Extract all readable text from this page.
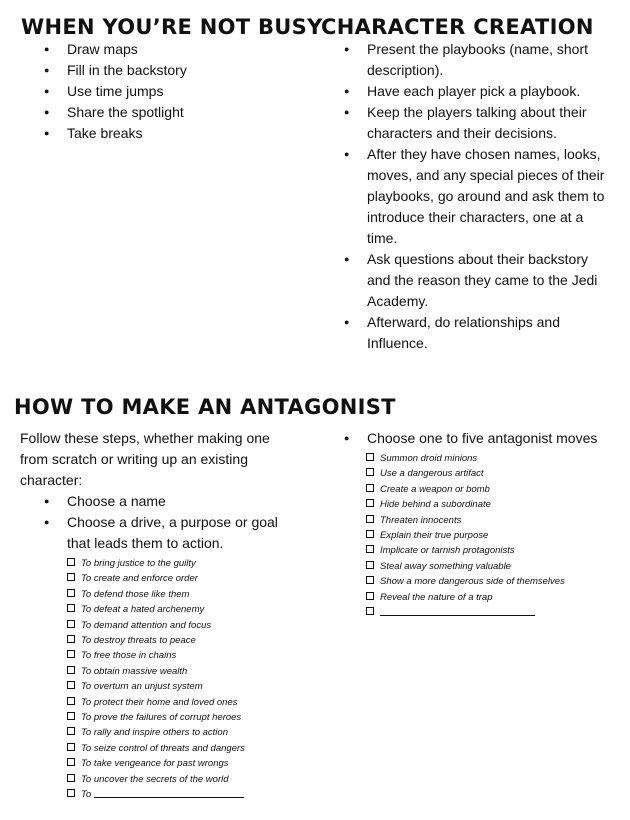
WHEN YOU’RE NOT BUSY
● Draw maps
● Fill in the backstory
● Use time jumps
● Share the spotlight
● Take breaks
CHARACTER CREATION
● Present the playbooks (name, short description).
● Have each player pick a playbook.
● Keep the players talking about their characters and their decisions.
● After they have chosen names, looks, moves, and any special pieces of their playbooks, go around and ask them to introduce their characters, one at a time.
● Ask questions about their backstory and the reason they came to the Jedi Academy.
● Afterward, do relationships and Influence.
HOW TO MAKE AN ANTAGONIST

Follow these steps, whether making one from scratch or writing up an existing character:

● Choose a name
● Choose a drive, a purpose or goal that leads them to action.
To bring justice to the guilty
To create and enforce order
To defend those like them
To defeat a hated archenemy
To demand attention and focus
To destroy threats to peace
To free those in chains
To obtain massive wealth
To overturn an unjust system
To protect their home and loved ones
To prove the failures of corrupt heroes
To rally and inspire others to action
To seize control of threats and dangers
To take vengeance for past wrongs
To uncover the secrets of the world
To
● Choose one to five antagonist moves
Summon droid minions
Use a dangerous artifact
Create a weapon or bomb
Hide behind a subordinate
Threaten innocents
Explain their true purpose
Implicate or tarnish protagonists
Steal away something valuable
Show a more dangerous side of themselves
Reveal the nature of a trap
